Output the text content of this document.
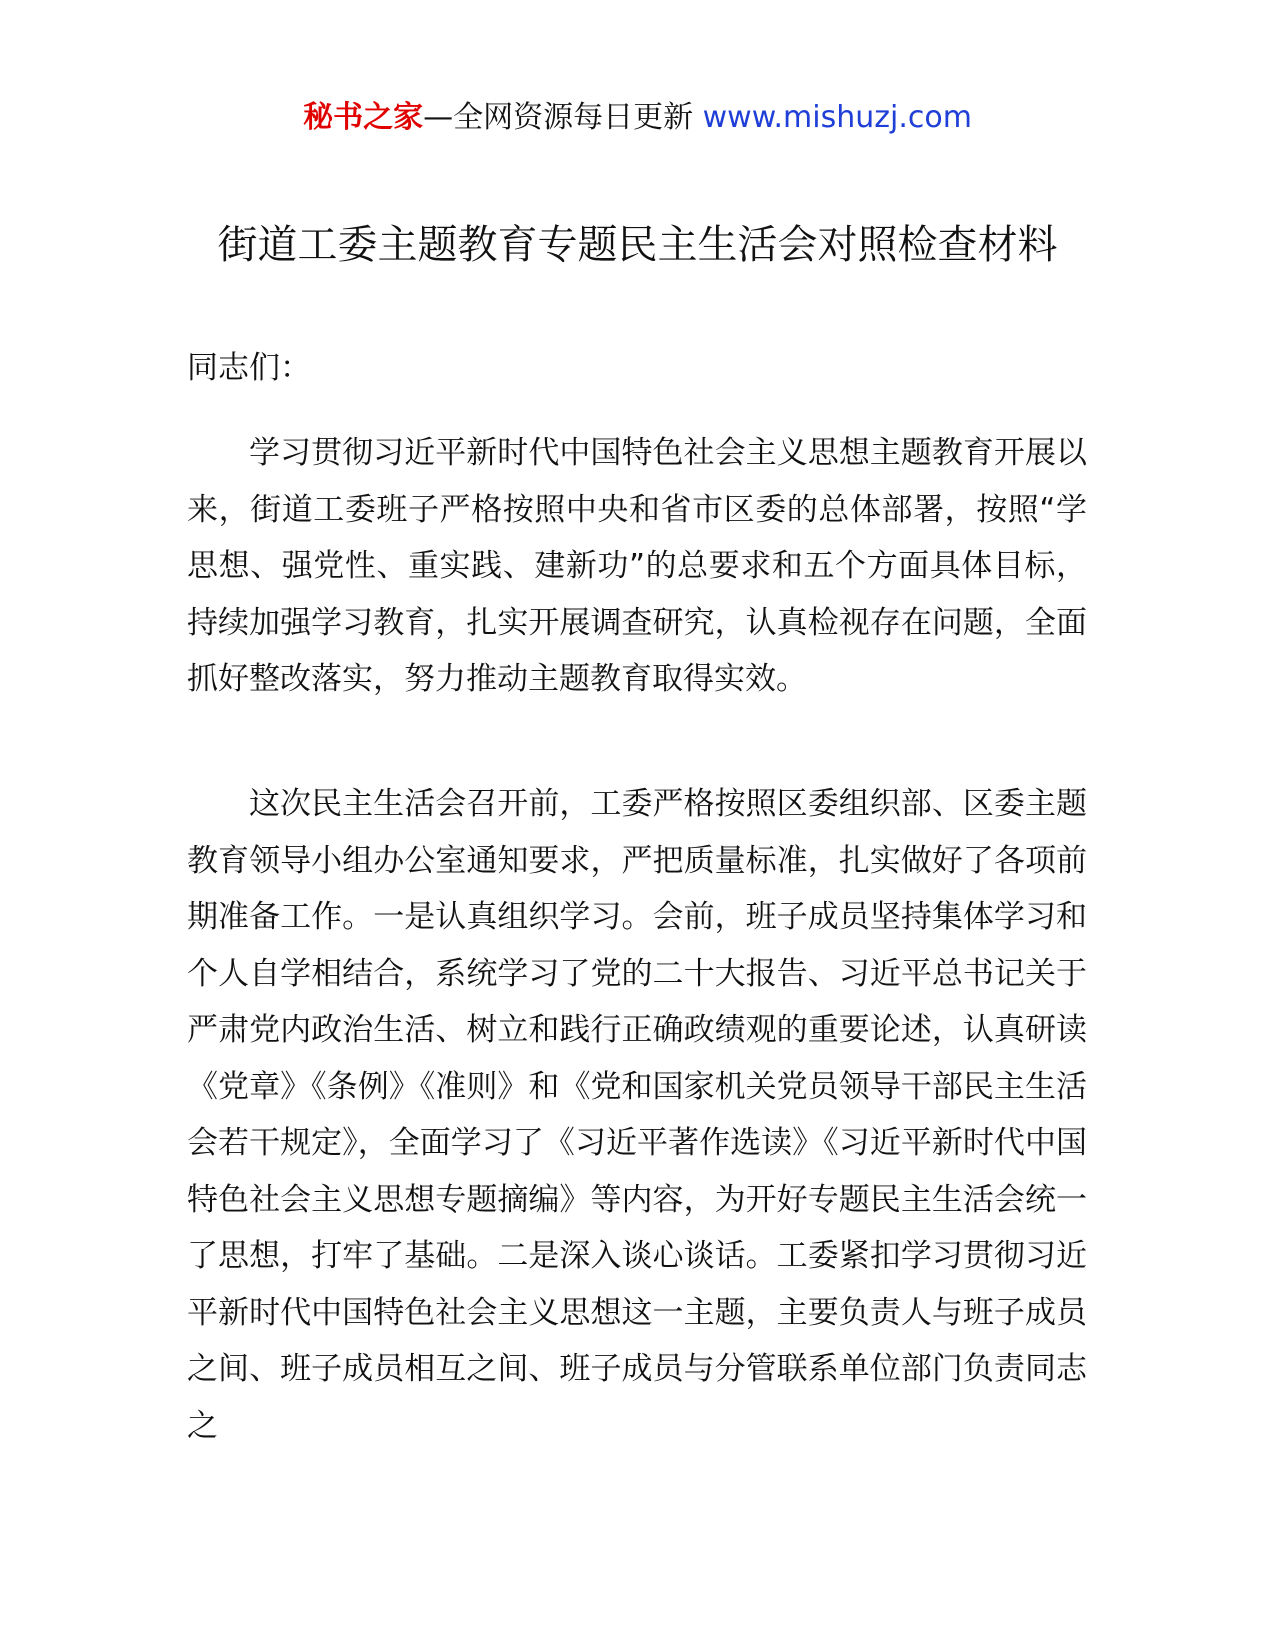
秘书之家—全网资源每日更新 www.mishuzj.com
街道工委主题教育专题民主生活会对照检查材料
同志们：

学习贯彻习近平新时代中国特色社会主义思想主题教育开展以来，街道工委班子严格按照中央和省市区委的总体部署，按照“学思想、强党性、重实践、建新功”的总要求和五个方面具体目标，持续加强学习教育，扎实开展调查研究，认真检视存在问题，全面抓好整改落实，努力推动主题教育取得实效。

这次民主生活会召开前，工委严格按照区委组织部、区委主题教育领导小组办公室通知要求，严把质量标准，扎实做好了各项前期准备工作。一是认真组织学习。会前，班子成员坚持集体学习和个人自学相结合，系统学习了党的二十大报告、习近平总书记关于严肃党内政治生活、树立和践行正确政绩观的重要论述，认真研读《党章》《条例》《准则》和《党和国家机关党员领导干部民主生活会若干规定》，全面学习了《习近平著作选读》《习近平新时代中国特色社会主义思想专题摘编》等内容，为开好专题民主生活会统一了思想，打牢了基础。二是深入谈心谈话。工委紧扣学习贯彻习近平新时代中国特色社会主义思想这一主题，主要负责人与班子成员之间、班子成员相互之间、班子成员与分管联系单位部门负责同志之
